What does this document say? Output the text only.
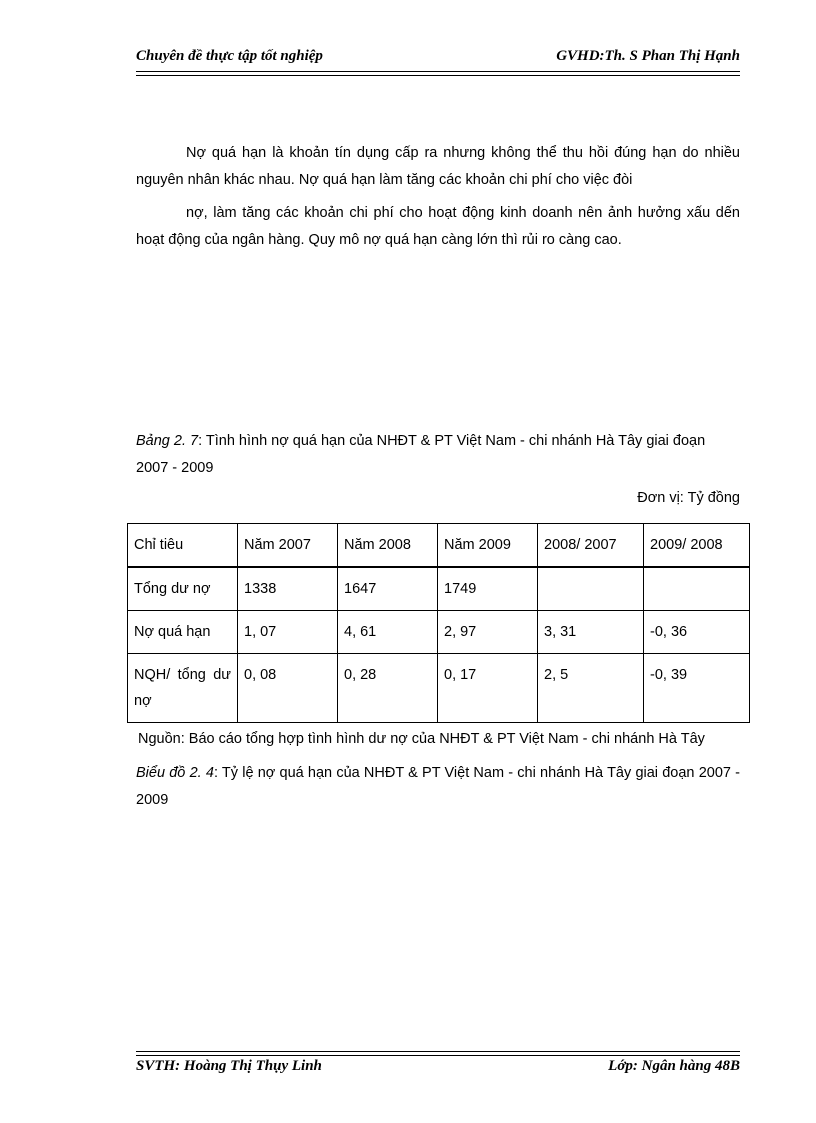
Chuyên đề thực tập tốt nghiệp	GVHD:Th. S Phan Thị Hạnh
Nợ quá hạn là khoản tín dụng cấp ra nhưng không thể thu hồi đúng hạn do nhiều nguyên nhân khác nhau. Nợ quá hạn làm tăng các khoản chi phí cho việc đòi
nợ, làm tăng các khoản chi phí cho hoạt động kinh doanh nên ảnh hưởng xấu dến hoạt động của ngân hàng. Quy mô nợ quá hạn càng lớn thì rủi ro càng cao.
Bảng 2. 7: Tình hình nợ quá hạn của NHĐT & PT Việt Nam - chi nhánh Hà Tây giai đoạn 2007 - 2009
Đơn vị: Tỷ đồng
Chỉ tiêu	Năm 2007	Năm 2008	Năm 2009	2008/ 2007	2009/ 2008
Tổng dư nợ	1338	1647	1749		
Nợ quá hạn	1, 07	4, 61	2, 97	3, 31	-0, 36
NQH/ tổng dư nợ	0, 08	0, 28	0, 17	2, 5	-0, 39
Nguồn: Báo cáo tổng hợp tình hình dư nợ của NHĐT & PT Việt Nam - chi nhánh Hà Tây
Biểu đồ 2. 4: Tỷ lệ nợ quá hạn của NHĐT & PT Việt Nam - chi nhánh Hà Tây giai đoạn 2007 - 2009
SVTH: Hoàng Thị Thụy Linh	Lớp: Ngân hàng 48B
